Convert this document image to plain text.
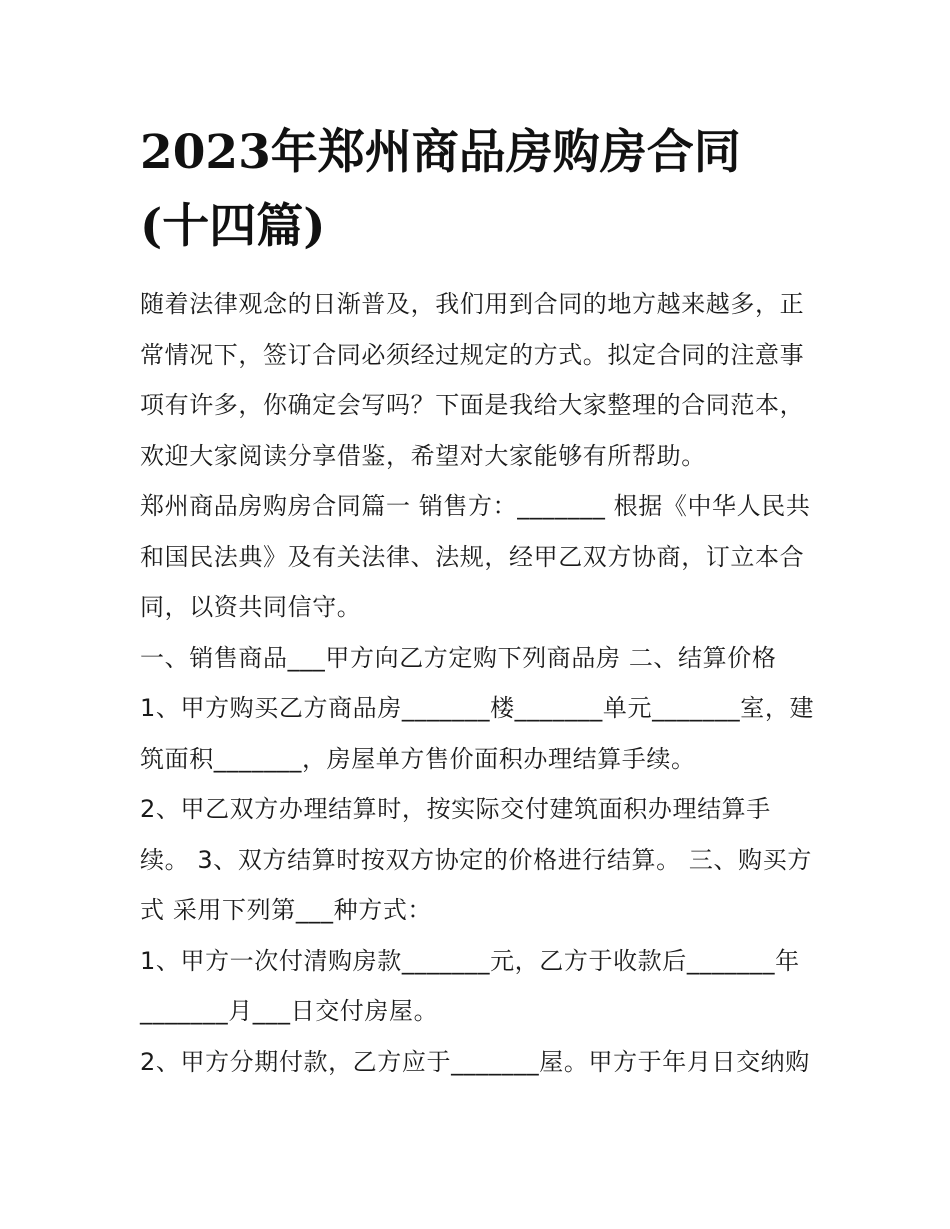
2023年郑州商品房购房合同
(十四篇)

随着法律观念的日渐普及，我们用到合同的地方越来越多，正
常情况下，签订合同必须经过规定的方式。拟定合同的注意事
项有许多，你确定会写吗？下面是我给大家整理的合同范本，
欢迎大家阅读分享借鉴，希望对大家能够有所帮助。

郑州商品房购房合同篇一 销售方：_______ 根据《中华人民共
和国民法典》及有关法律、法规，经甲乙双方协商，订立本合
同，以资共同信守。

一、销售商品___甲方向乙方定购下列商品房 二、结算价格

1、甲方购买乙方商品房_______楼_______单元_______室，建
筑面积_______，房屋单方售价面积办理结算手续。

2、甲乙双方办理结算时，按实际交付建筑面积办理结算手
续。 3、双方结算时按双方协定的价格进行结算。 三、购买方
式 采用下列第___种方式：

1、甲方一次付清购房款_______元，乙方于收款后_______年
_______月___日交付房屋。

2、甲方分期付款，乙方应于_______屋。甲方于年月日交纳购
